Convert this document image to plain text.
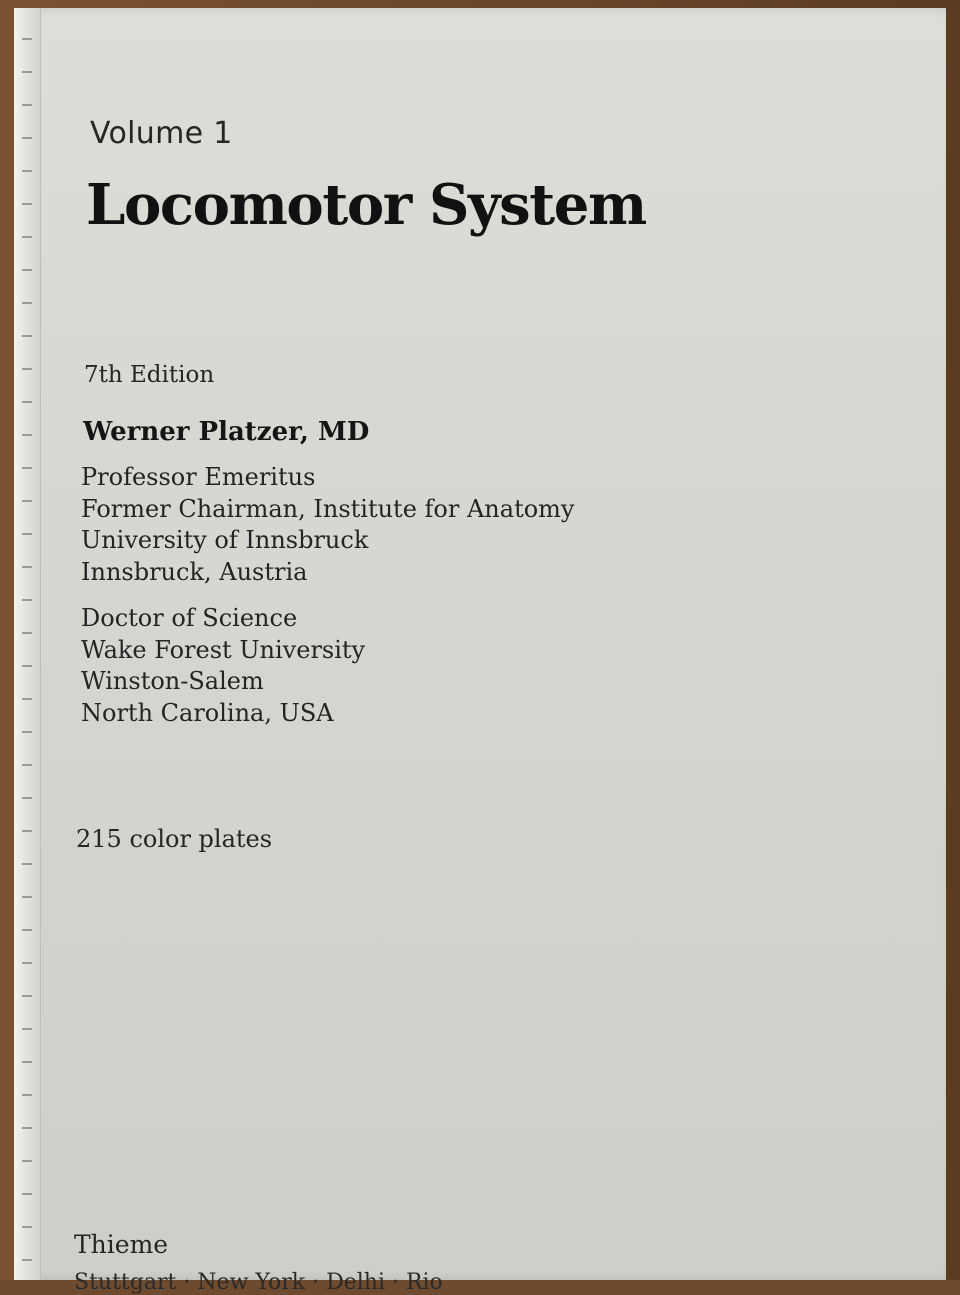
Volume 1
Locomotor System
7th Edition
Werner Platzer, MD
Professor Emeritus
Former Chairman, Institute for Anatomy
University of Innsbruck
Innsbruck, Austria
Doctor of Science
Wake Forest University
Winston-Salem
North Carolina, USA
215 color plates
Thieme
Stuttgart · New York · Delhi · Rio
